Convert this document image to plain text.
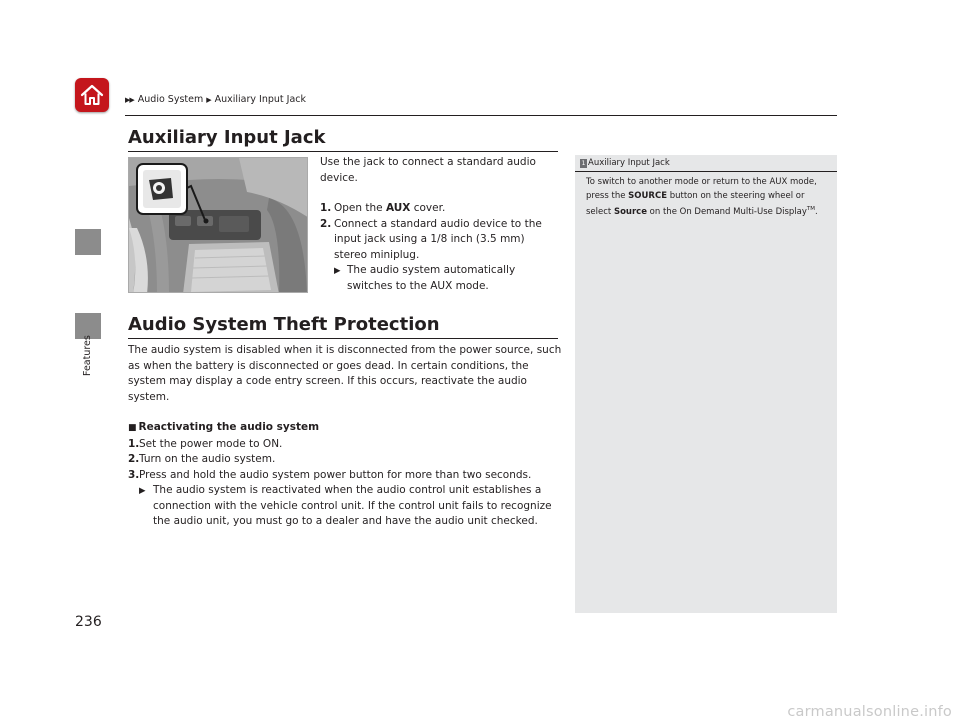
▶▶ Audio System ▶ Auxiliary Input Jack
Features
Auxiliary Input Jack

Use the jack to connect a standard audio device.

1. Open the AUX cover.
2. Connect a standard audio device to the input jack using a 1/8 inch (3.5 mm) stereo miniplug.
▶ The audio system automatically switches to the AUX mode.
Audio System Theft Protection

The audio system is disabled when it is disconnected from the power source, such as when the battery is disconnected or goes dead. In certain conditions, the system may display a code entry screen. If this occurs, reactivate the audio system.

■ Reactivating the audio system

1. Set the power mode to ON.
2. Turn on the audio system.
3. Press and hold the audio system power button for more than two seconds.
▶ The audio system is reactivated when the audio control unit establishes a connection with the vehicle control unit. If the control unit fails to recognize the audio unit, you must go to a dealer and have the audio unit checked.
1 Auxiliary Input Jack
To switch to another mode or return to the AUX mode, press the SOURCE button on the steering wheel or select Source on the On Demand Multi-Use Display™.
236
carmanualsonline.info
